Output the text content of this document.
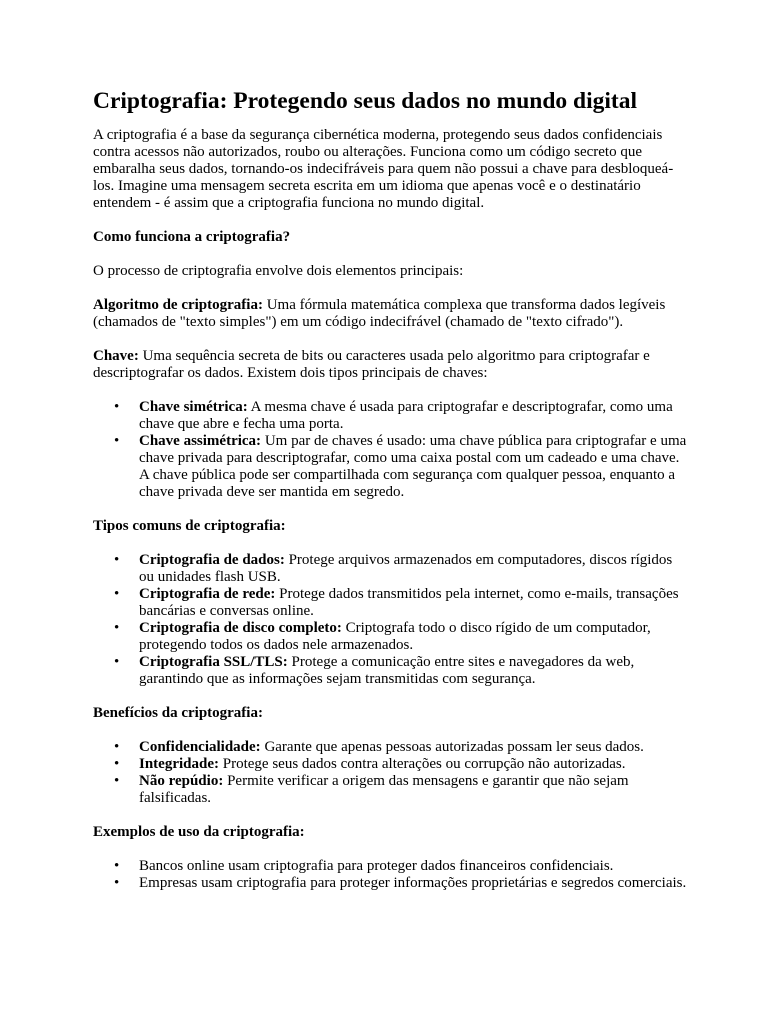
Criptografia: Protegendo seus dados no mundo digital

A criptografia é a base da segurança cibernética moderna, protegendo seus dados confidenciais contra acessos não autorizados, roubo ou alterações. Funciona como um código secreto que embaralha seus dados, tornando-os indecifráveis para quem não possui a chave para desbloqueá-los. Imagine uma mensagem secreta escrita em um idioma que apenas você e o destinatário entendem - é assim que a criptografia funciona no mundo digital.

Como funciona a criptografia?

O processo de criptografia envolve dois elementos principais:

Algoritmo de criptografia: Uma fórmula matemática complexa que transforma dados legíveis (chamados de "texto simples") em um código indecifrável (chamado de "texto cifrado").

Chave: Uma sequência secreta de bits ou caracteres usada pelo algoritmo para criptografar e descriptografar os dados. Existem dois tipos principais de chaves:

• Chave simétrica: A mesma chave é usada para criptografar e descriptografar, como uma chave que abre e fecha uma porta.
• Chave assimétrica: Um par de chaves é usado: uma chave pública para criptografar e uma chave privada para descriptografar, como uma caixa postal com um cadeado e uma chave. A chave pública pode ser compartilhada com segurança com qualquer pessoa, enquanto a chave privada deve ser mantida em segredo.
Tipos comuns de criptografia:
• Criptografia de dados: Protege arquivos armazenados em computadores, discos rígidos ou unidades flash USB.
• Criptografia de rede: Protege dados transmitidos pela internet, como e-mails, transações bancárias e conversas online.
• Criptografia de disco completo: Criptografa todo o disco rígido de um computador, protegendo todos os dados nele armazenados.
• Criptografia SSL/TLS: Protege a comunicação entre sites e navegadores da web, garantindo que as informações sejam transmitidas com segurança.
Benefícios da criptografia:
• Confidencialidade: Garante que apenas pessoas autorizadas possam ler seus dados.
• Integridade: Protege seus dados contra alterações ou corrupção não autorizadas.
• Não repúdio: Permite verificar a origem das mensagens e garantir que não sejam falsificadas.
Exemplos de uso da criptografia:
• Bancos online usam criptografia para proteger dados financeiros confidenciais.
• Empresas usam criptografia para proteger informações proprietárias e segredos comerciais.
